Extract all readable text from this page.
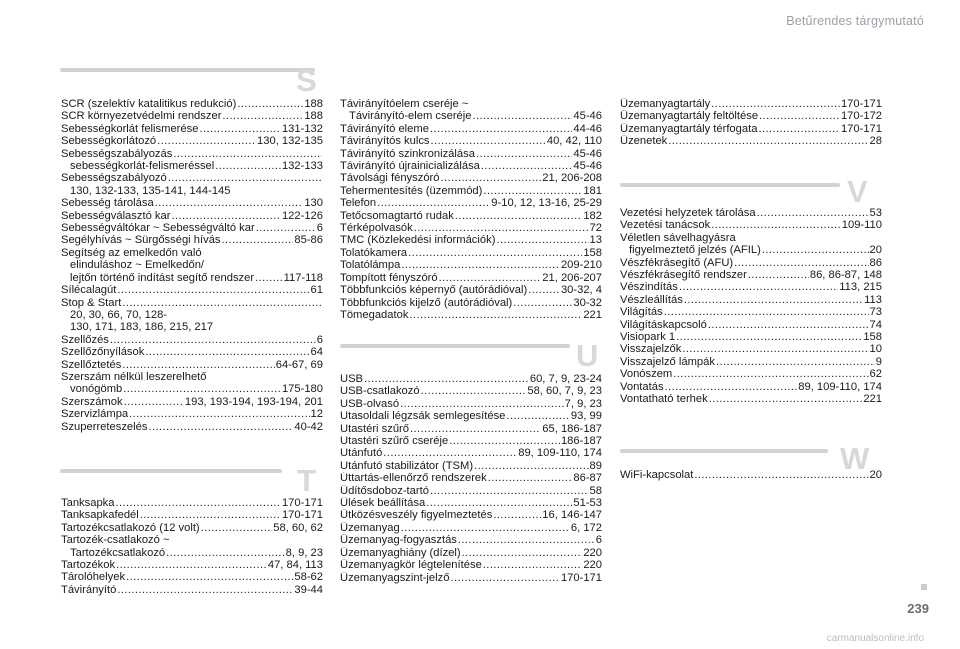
Betűrendes tárgymutató
S
SCR (szelektív katalitikus redukció) .....	188
SCR környezetvédelmi rendszer .....	188
Sebességkorlát felismerése .....	131-132
Sebességkorlátozó .....	130, 132-135
Sebességszabályozás
.....
sebességkorlát-felismeréssel .....	132-133
Sebességszabályozó
.....
130, 132-133, 135-141, 144-145
Sebesség tárolása .....	130
Sebességválasztó kar .....	122-126
Sebességváltókar ~ Sebességváltó kar .....	6
Segélyhívás ~ Sürgősségi hívás .....	85-86
Segítség az emelkedőn való
elinduláshoz ~ Emelkedőn/
lejtőn történő indítást segítő rendszer .....	117-118
Sílécalagút .....	61
Stop & Start
.....
20, 30, 66, 70, 128-
130, 171, 183, 186, 215, 217
Szellőzés .....	6
Szellőzőnyílások .....	64
Szellőztetés .....	64-67, 69
Szerszám nélkül leszerelhető
vonógömb .....	175-180
Szerszámok .....	193, 193-194, 193-194, 201
Szervizlámpa .....	12
Szuperreteszelés .....	40-42
T
Tanksapka .....	170-171
Tanksapkafedél .....	170-171
Tartozékcsatlakozó (12 volt) .....	58, 60, 62
Tartozék-csatlakozó ~
Tartozékcsatlakozó .....	8, 9, 23
Tartozékok .....	47, 84, 113
Tárolóhelyek .....	58-62
Távirányító .....	39-44
Távirányítóelem cseréje ~
Távirányító-elem cseréje .....	45-46
Távirányító eleme .....	44-46
Távirányítós kulcs .....	40, 42, 110
Távirányító szinkronizálása .....	45-46
Távirányító újrainicializálása .....	45-46
Távolsági fényszóró .....	21, 206-208
Tehermentesítés (üzemmód) .....	181
Telefon .....	9-10, 12, 13-16, 25-29
Tetőcsomagtartó rudak .....	182
Térképolvasók .....	72
TMC (Közlekedési információk) .....	13
Tolatókamera .....	158
Tolatólámpa .....	209-210
Tompított fényszóró .....	21, 206-207
Többfunkciós képernyő (autórádióval) .....	30-32, 4
Többfunkciós kijelző (autórádióval) .....	30-32
Tömegadatok .....	221
U
USB .....	60, 7, 9, 23-24
USB-csatlakozó .....	58, 60, 7, 9, 23
USB-olvasó .....	7, 9, 23
Utasoldali légzsák semlegesítése .....	93, 99
Utastéri szűrő .....	65, 186-187
Utastéri szűrő cseréje .....	186-187
Utánfutó .....	89, 109-110, 174
Utánfutó stabilizátor (TSM) .....	89
Úttartás-ellenőrző rendszerek .....	86-87
Üdítősdoboz-tartó .....	58
Ülések beállítása .....	51-53
Ütközésveszély figyelmeztetés .....	16, 146-147
Üzemanyag .....	6, 172
Üzemanyag-fogyasztás .....	6
Üzemanyaghiány (dízel) .....	220
Üzemanyagkör légtelenítése .....	220
Üzemanyagszint-jelző .....	170-171
Üzemanyagtartály .....	170-171
Üzemanyagtartály feltöltése .....	170-172
Üzemanyagtartály térfogata .....	170-171
Üzenetek .....	28
V
Vezetési helyzetek tárolása .....	53
Vezetési tanácsok .....	109-110
Véletlen sávelhagyásra
figyelmeztető jelzés (AFIL) .....	20
Vészfékrásegítő (AFU) .....	86
Vészfékrásegítő rendszer .....	86, 86-87, 148
Vészindítás .....	113, 215
Vészleállítás .....	113
Világítás .....	73
Világításkapcsoló .....	74
Visiopark 1 .....	158
Visszajelzők .....	10
Visszajelző lámpák .....	9
Vonószem .....	62
Vontatás .....	89, 109-110, 174
Vontatható terhek .....	221
W
WiFi-kapcsolat .....	20
239
carmanualsonline.info
